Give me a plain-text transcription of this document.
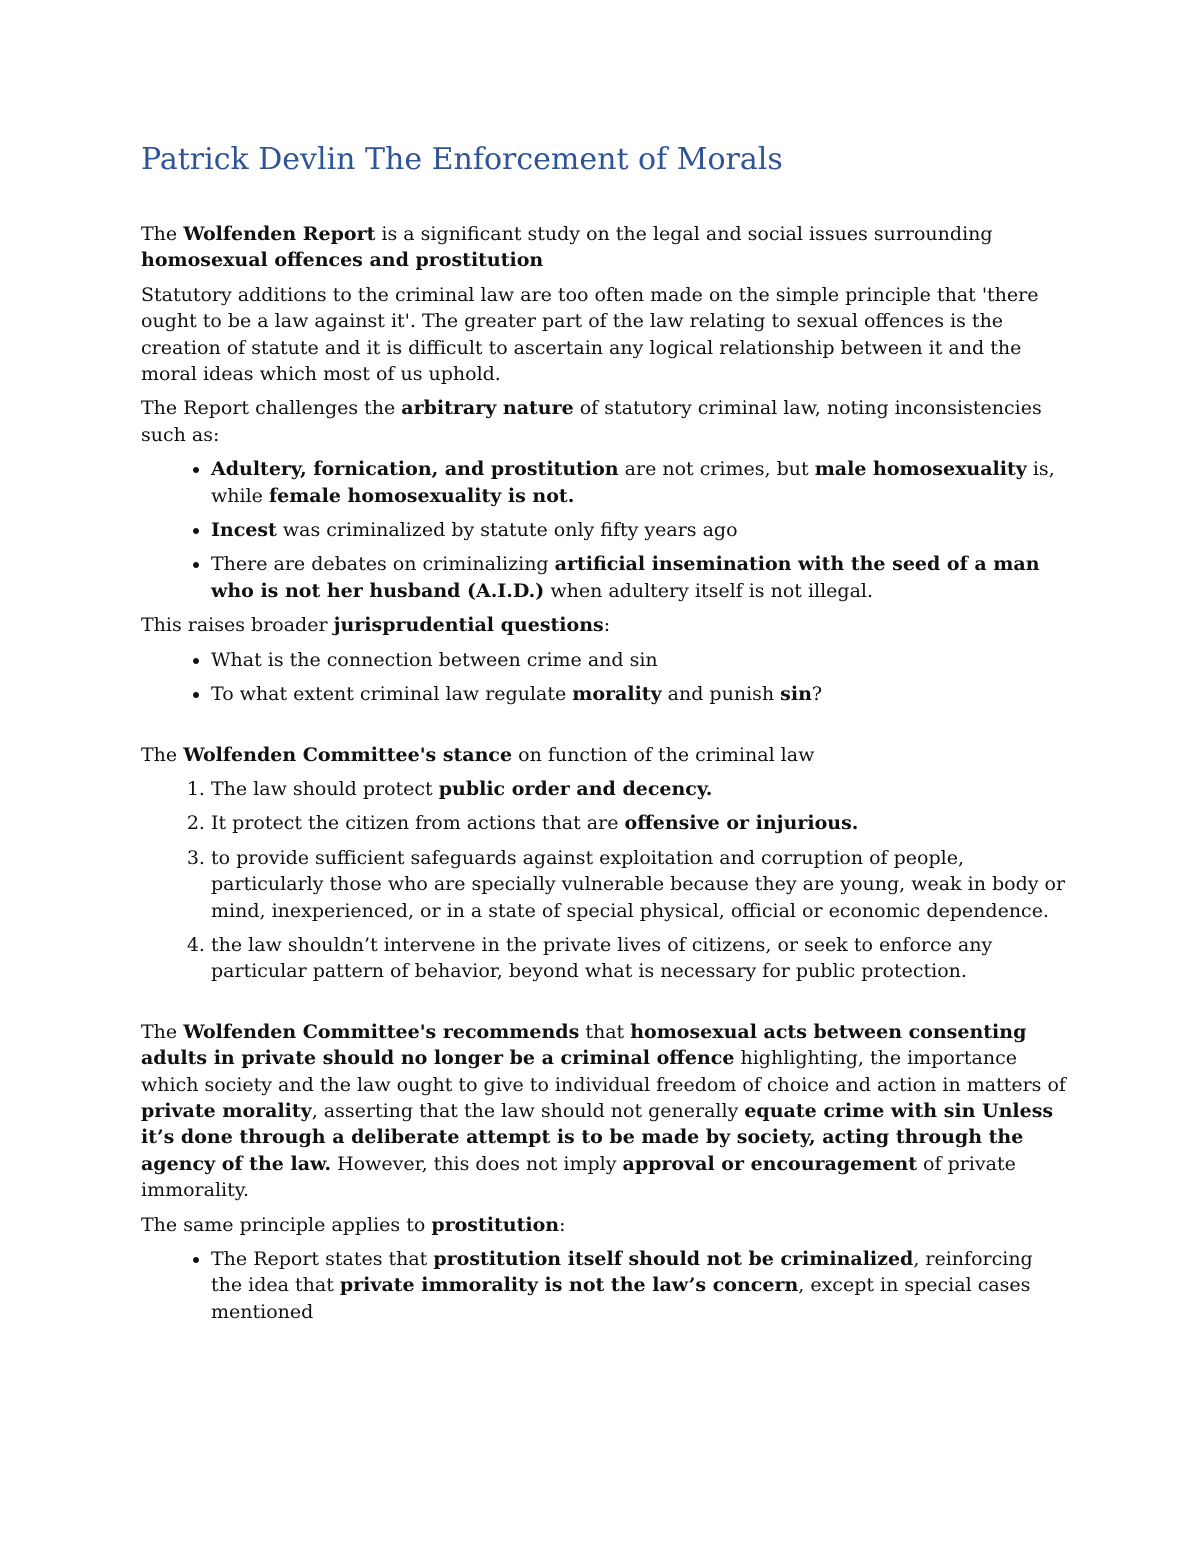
Patrick Devlin The Enforcement of Morals

The Wolfenden Report is a significant study on the legal and social issues surrounding homosexual offences and prostitution

Statutory additions to the criminal law are too often made on the simple principle that 'there ought to be a law against it'. The greater part of the law relating to sexual offences is the creation of statute and it is difficult to ascertain any logical relationship between it and the moral ideas which most of us uphold.

The Report challenges the arbitrary nature of statutory criminal law, noting inconsistencies such as:

• Adultery, fornication, and prostitution are not crimes, but male homosexuality is, while female homosexuality is not.
• Incest was criminalized by statute only fifty years ago
• There are debates on criminalizing artificial insemination with the seed of a man who is not her husband (A.I.D.) when adultery itself is not illegal.

This raises broader jurisprudential questions:

• What is the connection between crime and sin
• To what extent criminal law regulate morality and punish sin?

The Wolfenden Committee's stance on function of the criminal law

1. The law should protect public order and decency.
2. It protect the citizen from actions that are offensive or injurious.
3. to provide sufficient safeguards against exploitation and corruption of people, particularly those who are specially vulnerable because they are young, weak in body or mind, inexperienced, or in a state of special physical, official or economic dependence.
4. the law shouldn’t intervene in the private lives of citizens, or seek to enforce any particular pattern of behavior, beyond what is necessary for public protection.

The Wolfenden Committee's recommends that homosexual acts between consenting adults in private should no longer be a criminal offence highlighting, the importance which society and the law ought to give to individual freedom of choice and action in matters of private morality, asserting that the law should not generally equate crime with sin Unless it’s done through a deliberate attempt is to be made by society, acting through the agency of the law. However, this does not imply approval or encouragement of private immorality.

The same principle applies to prostitution:

• The Report states that prostitution itself should not be criminalized, reinforcing the idea that private immorality is not the law’s concern, except in special cases mentioned
